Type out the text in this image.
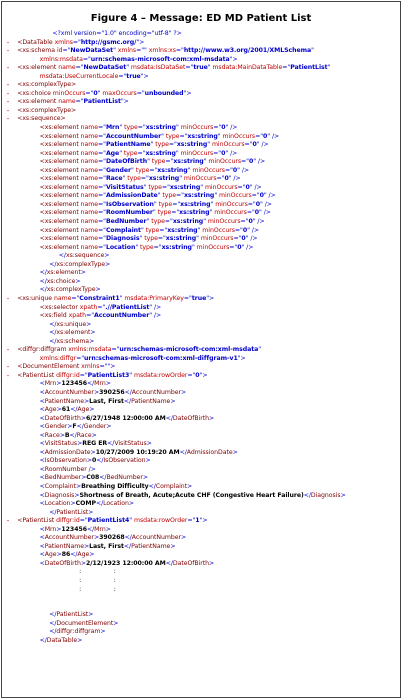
Figure 4 – Message: ED MD Patient List
<?xml version="1.0" encoding="utf-8" ?>
- <DataTable xmlns="http://gsmc.org/">
- <xs:schema id="NewDataSet" xmlns="" xmlns:xs="http://www.w3.org/2001/XMLSchema"
xmlns:msdata="urn:schemas-microsoft-com:xml-msdata">
- <xs:element name="NewDataSet" msdata:IsDataSet="true" msdata:MainDataTable="PatientList"
msdata:UseCurrentLocale="true">
- <xs:complexType>
- <xs:choice minOccurs="0" maxOccurs="unbounded">
- <xs:element name="PatientList">
- <xs:complexType>
- <xs:sequence>
<xs:element name="Mrn" type="xs:string" minOccurs="0" />
<xs:element name="AccountNumber" type="xs:string" minOccurs="0" />
<xs:element name="PatientName" type="xs:string" minOccurs="0" />
<xs:element name="Age" type="xs:string" minOccurs="0" />
<xs:element name="DateOfBirth" type="xs:string" minOccurs="0" />
<xs:element name="Gender" type="xs:string" minOccurs="0" />
<xs:element name="Race" type="xs:string" minOccurs="0" />
<xs:element name="VisitStatus" type="xs:string" minOccurs="0" />
<xs:element name="AdmissionDate" type="xs:string" minOccurs="0" />
<xs:element name="IsObservation" type="xs:string" minOccurs="0" />
<xs:element name="RoomNumber" type="xs:string" minOccurs="0" />
<xs:element name="BedNumber" type="xs:string" minOccurs="0" />
<xs:element name="Complaint" type="xs:string" minOccurs="0" />
<xs:element name="Diagnosis" type="xs:string" minOccurs="0" />
<xs:element name="Location" type="xs:string" minOccurs="0" />
</xs:sequence>
</xs:complexType>
</xs:element>
</xs:choice>
</xs:complexType>
- <xs:unique name="Constraint1" msdata:PrimaryKey="true">
<xs:selector xpath=".//PatientList" />
<xs:field xpath="AccountNumber" />
</xs:unique>
</xs:element>
</xs:schema>
- <diffgr:diffgram xmlns:msdata="urn:schemas-microsoft-com:xml-msdata"
xmlns:diffgr="urn:schemas-microsoft-com:xml-diffgram-v1">
- <DocumentElement xmlns="">
- <PatientList diffgr:id="PatientList3" msdata:rowOrder="0">
<Mrn>123456</Mrn>
<AccountNumber>390256</AccountNumber>
<PatientName>Last, First</PatientName>
<Age>61</Age>
<DateOfBirth>6/27/1948 12:00:00 AM</DateOfBirth>
<Gender>F</Gender>
<Race>B</Race>
<VisitStatus>REG ER</VisitStatus>
<AdmissionDate>10/27/2009 10:19:20 AM</AdmissionDate>
<IsObservation>0</IsObservation>
<RoomNumber />
<BedNumber>C08</BedNumber>
<Complaint>Breathing Difficulty</Complaint>
<Diagnosis>Shortness of Breath, Acute;Acute CHF (Congestive Heart Failure)</Diagnosis>
<Location>COMP</Location>
</PatientList>
- <PatientList diffgr:id="PatientList4" msdata:rowOrder="1">
<Mrn>123456</Mrn>
<AccountNumber>390268</AccountNumber>
<PatientName>Last, First</PatientName>
<Age>86</Age>
<DateOfBirth>2/12/1923 12:00:00 AM</DateOfBirth>
:                 :
:                 :
:                 :
</PatientList>
</DocumentElement>
</diffgr:diffgram>
</DataTable>
